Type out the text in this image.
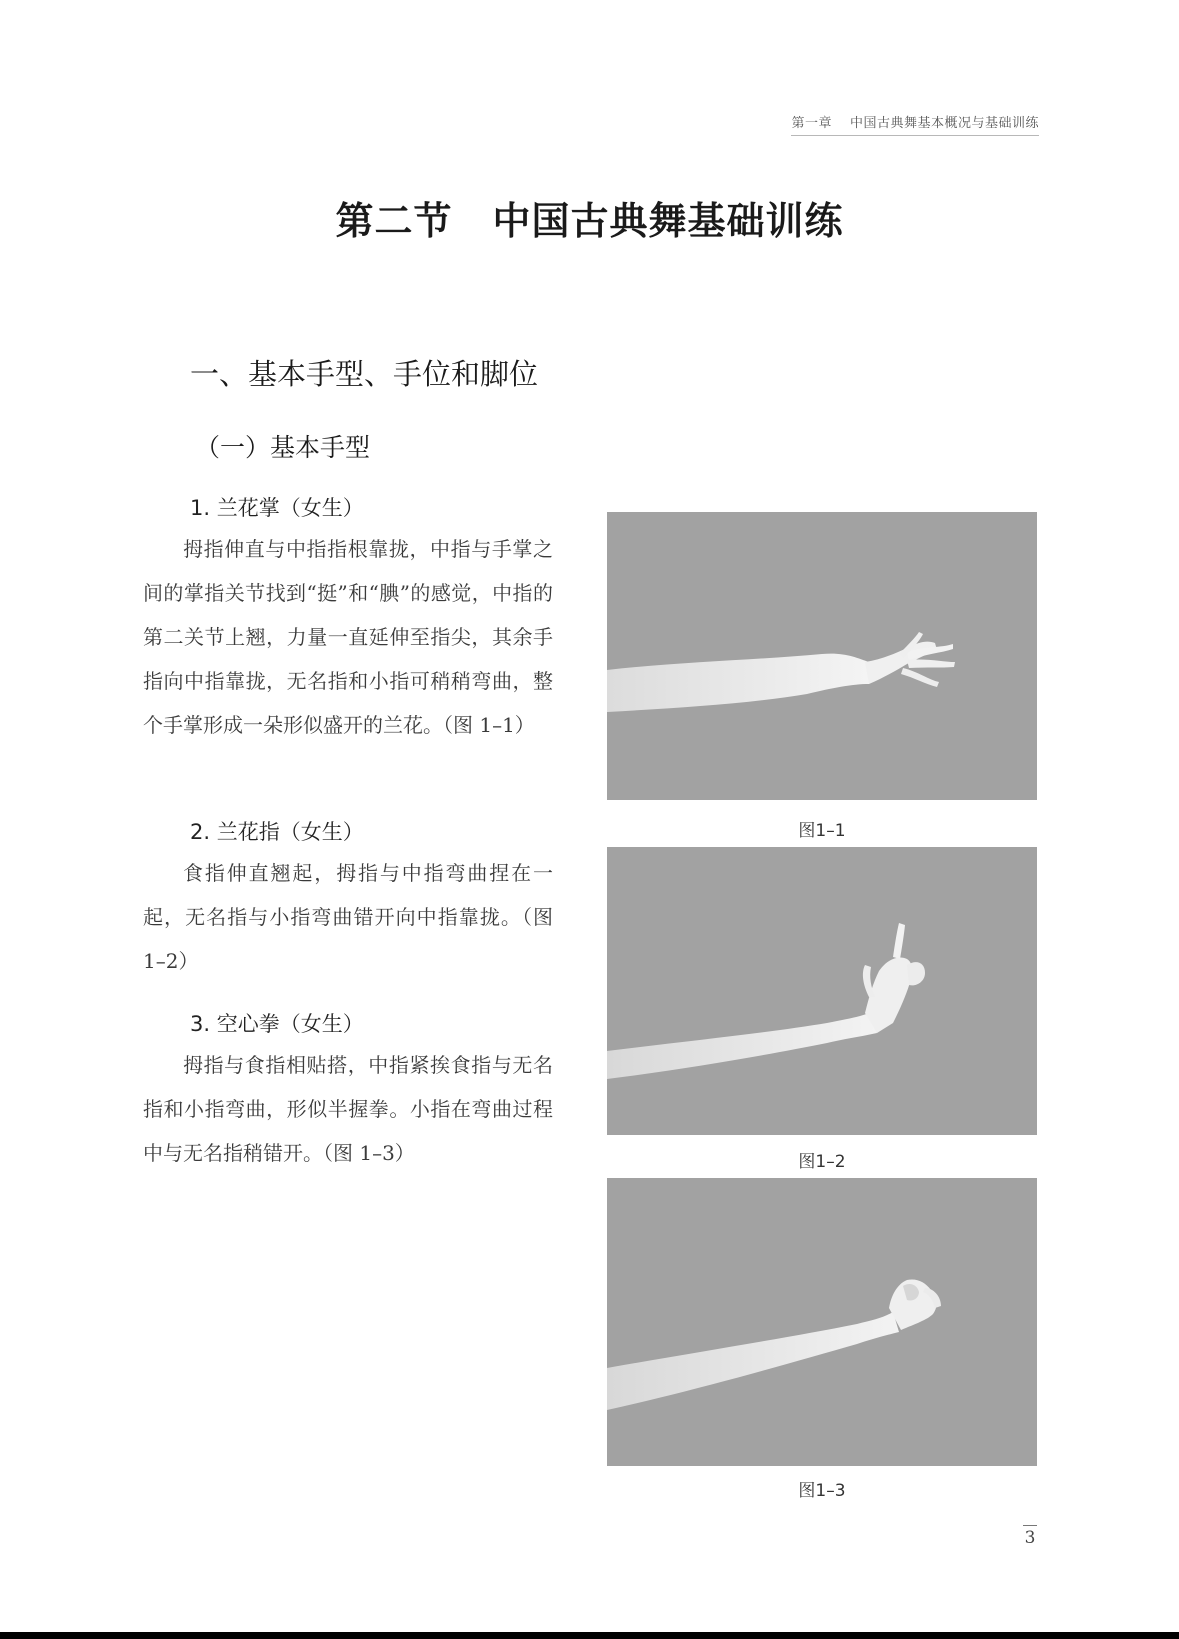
第一章 中国古典舞基本概况与基础训练
第二节 中国古典舞基础训练
一、基本手型、手位和脚位
（一）基本手型
1. 兰花掌（女生）

拇指伸直与中指指根靠拢，中指与手掌之间的掌指关节找到“挺”和“腆”的感觉，中指的第二关节上翘，力量一直延伸至指尖，其余手指向中指靠拢，无名指和小指可稍稍弯曲，整个手掌形成一朵形似盛开的兰花。（图 1–1）

2. 兰花指（女生）

食指伸直翘起，拇指与中指弯曲捏在一起，无名指与小指弯曲错开向中指靠拢。（图 1–2）

3. 空心拳（女生）

拇指与食指相贴搭，中指紧挨食指与无名指和小指弯曲，形似半握拳。小指在弯曲过程中与无名指稍错开。（图 1–3）

图1–1
图1–2
图1–3
3
